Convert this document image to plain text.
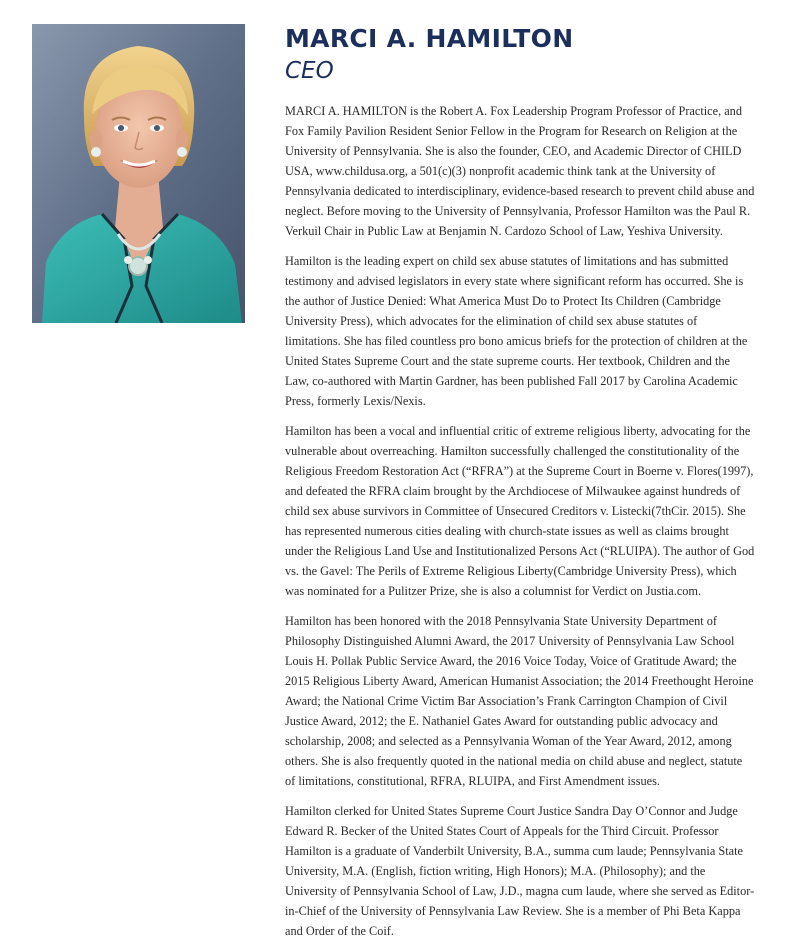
MARCI A. HAMILTON
CEO

MARCI A. HAMILTON is the Robert A. Fox Leadership Program Professor of Practice, and Fox Family Pavilion Resident Senior Fellow in the Program for Research on Religion at the University of Pennsylvania. She is also the founder, CEO, and Academic Director of CHILD USA, www.childusa.org, a 501(c)(3) nonprofit academic think tank at the University of Pennsylvania dedicated to interdisciplinary, evidence-based research to prevent child abuse and neglect. Before moving to the University of Pennsylvania, Professor Hamilton was the Paul R. Verkuil Chair in Public Law at Benjamin N. Cardozo School of Law, Yeshiva University.

Hamilton is the leading expert on child sex abuse statutes of limitations and has submitted testimony and advised legislators in every state where significant reform has occurred. She is the author of Justice Denied: What America Must Do to Protect Its Children (Cambridge University Press), which advocates for the elimination of child sex abuse statutes of limitations. She has filed countless pro bono amicus briefs for the protection of children at the United States Supreme Court and the state supreme courts. Her textbook, Children and the Law, co-authored with Martin Gardner, has been published Fall 2017 by Carolina Academic Press, formerly Lexis/Nexis.

Hamilton has been a vocal and influential critic of extreme religious liberty, advocating for the vulnerable about overreaching. Hamilton successfully challenged the constitutionality of the Religious Freedom Restoration Act (“RFRA”) at the Supreme Court in Boerne v. Flores(1997), and defeated the RFRA claim brought by the Archdiocese of Milwaukee against hundreds of child sex abuse survivors in Committee of Unsecured Creditors v. Listecki(7thCir. 2015). She has represented numerous cities dealing with church-state issues as well as claims brought under the Religious Land Use and Institutionalized Persons Act (“RLUIPA). The author of God vs. the Gavel: The Perils of Extreme Religious Liberty(Cambridge University Press), which was nominated for a Pulitzer Prize, she is also a columnist for Verdict on Justia.com.

Hamilton has been honored with the 2018 Pennsylvania State University Department of Philosophy Distinguished Alumni Award, the 2017 University of Pennsylvania Law School Louis H. Pollak Public Service Award, the 2016 Voice Today, Voice of Gratitude Award; the 2015 Religious Liberty Award, American Humanist Association; the 2014 Freethought Heroine Award; the National Crime Victim Bar Association’s Frank Carrington Champion of Civil Justice Award, 2012; the E. Nathaniel Gates Award for outstanding public advocacy and scholarship, 2008; and selected as a Pennsylvania Woman of the Year Award, 2012, among others. She is also frequently quoted in the national media on child abuse and neglect, statute of limitations, constitutional, RFRA, RLUIPA, and First Amendment issues.

Hamilton clerked for United States Supreme Court Justice Sandra Day O’Connor and Judge Edward R. Becker of the United States Court of Appeals for the Third Circuit. Professor Hamilton is a graduate of Vanderbilt University, B.A., summa cum laude; Pennsylvania State University, M.A. (English, fiction writing, High Honors); M.A. (Philosophy); and the University of Pennsylvania School of Law, J.D., magna cum laude, where she served as Editor-in-Chief of the University of Pennsylvania Law Review. She is a member of Phi Beta Kappa and Order of the Coif.
